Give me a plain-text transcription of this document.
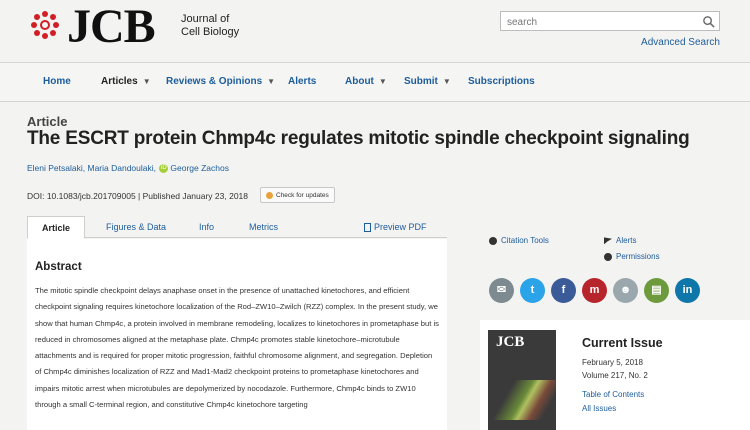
JCB Journal of
Cell Biology
search
Advanced Search
Home	Articles ▼ Reviews & Opinions ▼ Alerts	About ▼ Submit ▼ Subscriptions
Article
The ESCRT protein Chmp4c regulates mitotic spindle checkpoint signaling
Eleni Petsalaki, Maria Dandoulaki, iD George Zachos
DOI: 10.1083/jcb.201709005 | Published January 23, 2018	Check for updates
Article	Figures & Data	Info	Metrics	Preview PDF
Abstract
The mitotic spindle checkpoint delays anaphase onset in the presence of unattached kinetochores, and efficient checkpoint signaling requires kinetochore localization of the Rod–ZW10–Zwilch (RZZ) complex. In the present study, we show that human Chmp4c, a protein involved in membrane remodeling, localizes to kinetochores in prometaphase but is reduced in chromosomes aligned at the metaphase plate. Chmp4c promotes stable kinetochore–microtubule attachments and is required for proper mitotic progression, faithful chromosome alignment, and segregation. Depletion of Chmp4c diminishes localization of RZZ and Mad1-Mad2 checkpoint proteins to prometaphase kinetochores and impairs mitotic arrest when microtubules are depolymerized by nocodazole. Furthermore, Chmp4c binds to ZW10 through a small C-terminal region, and constitutive Chmp4c kinetochore targeting
Citation Tools	Alerts
Permissions
✉	t	f	m	☻	▤	in
JCB	Current Issue
February 5, 2018
Volume 217, No. 2
Table of Contents
All Issues
